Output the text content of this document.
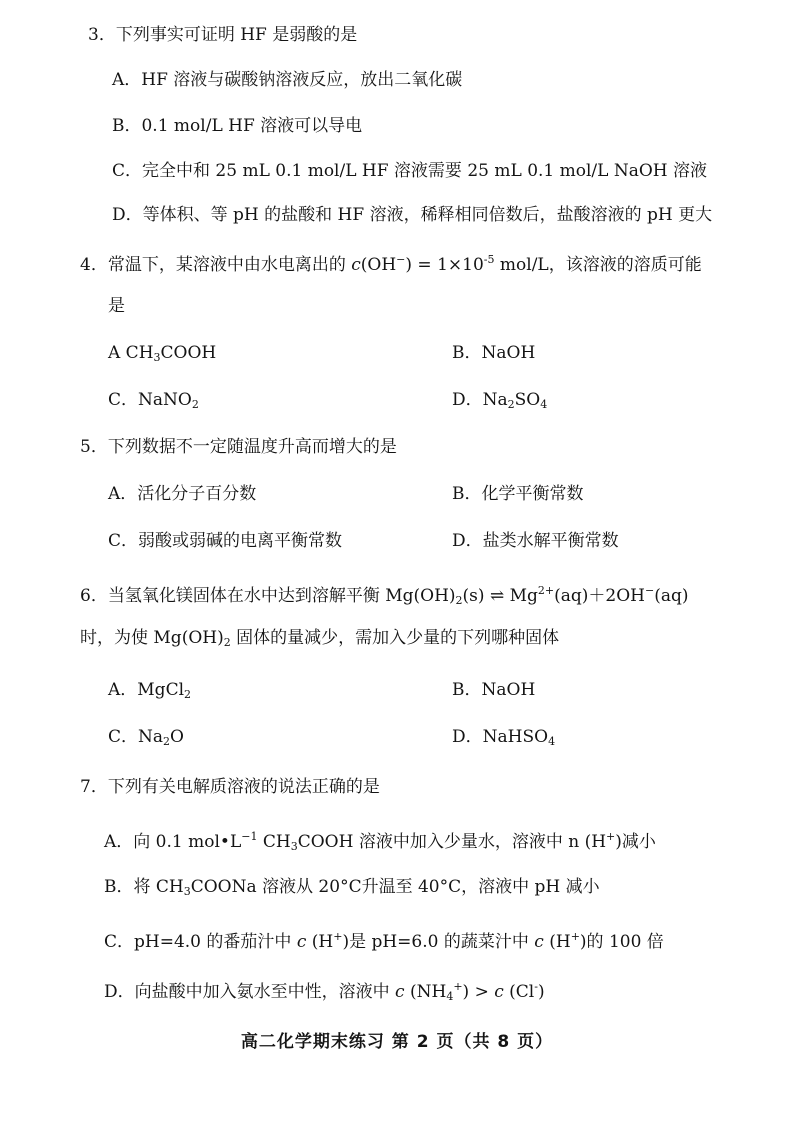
3．下列事实可证明 HF 是弱酸的是
A．HF 溶液与碳酸钠溶液反应，放出二氧化碳
B．0.1 mol/L HF 溶液可以导电
C．完全中和 25 mL 0.1 mol/L HF 溶液需要 25 mL 0.1 mol/L NaOH 溶液
D．等体积、等 pH 的盐酸和 HF 溶液，稀释相同倍数后，盐酸溶液的 pH 更大
4．常温下，某溶液中由水电离出的 $c(OH^-) = 1\times 10^{-5}$ mol/L，该溶液的溶质可能
是
A $CH_3COOH$	B．NaOH
C．NaNO$_2$	D．$Na_2SO_4$
5．下列数据不一定随温度升高而增大的是
A．活化分子百分数	B．化学平衡常数
C．弱酸或弱碱的电离平衡常数	D．盐类水解平衡常数
6．当氢氧化镁固体在水中达到溶解平衡 $Mg(OH)_2(s)$ ⇌ $Mg^{2+}(aq)+2OH^-(aq)$
时，为使 $Mg(OH)_2$ 固体的量减少，需加入少量的下列哪种固体
A．MgCl$_2$	B．NaOH
C．$Na_2O$	D．NaHSO$_4$
7．下列有关电解质溶液的说法正确的是
A．向 0.1 $mol•L^{-1}$ $CH_3COOH$ 溶液中加入少量水，溶液中 n (H+)减小
B．将 $CH_3COONa$ 溶液从 20°C升温至 40°C，溶液中 pH 减小
C．pH=4.0 的番茄汁中 c (H+)是 pH=6.0 的蔬菜汁中 c (H+)的 100 倍
D．向盐酸中加入氨水至中性，溶液中 c $(NH_4^+) > c$ (Cl-)
高二化学期末练习 第 2 页（共 8 页）
